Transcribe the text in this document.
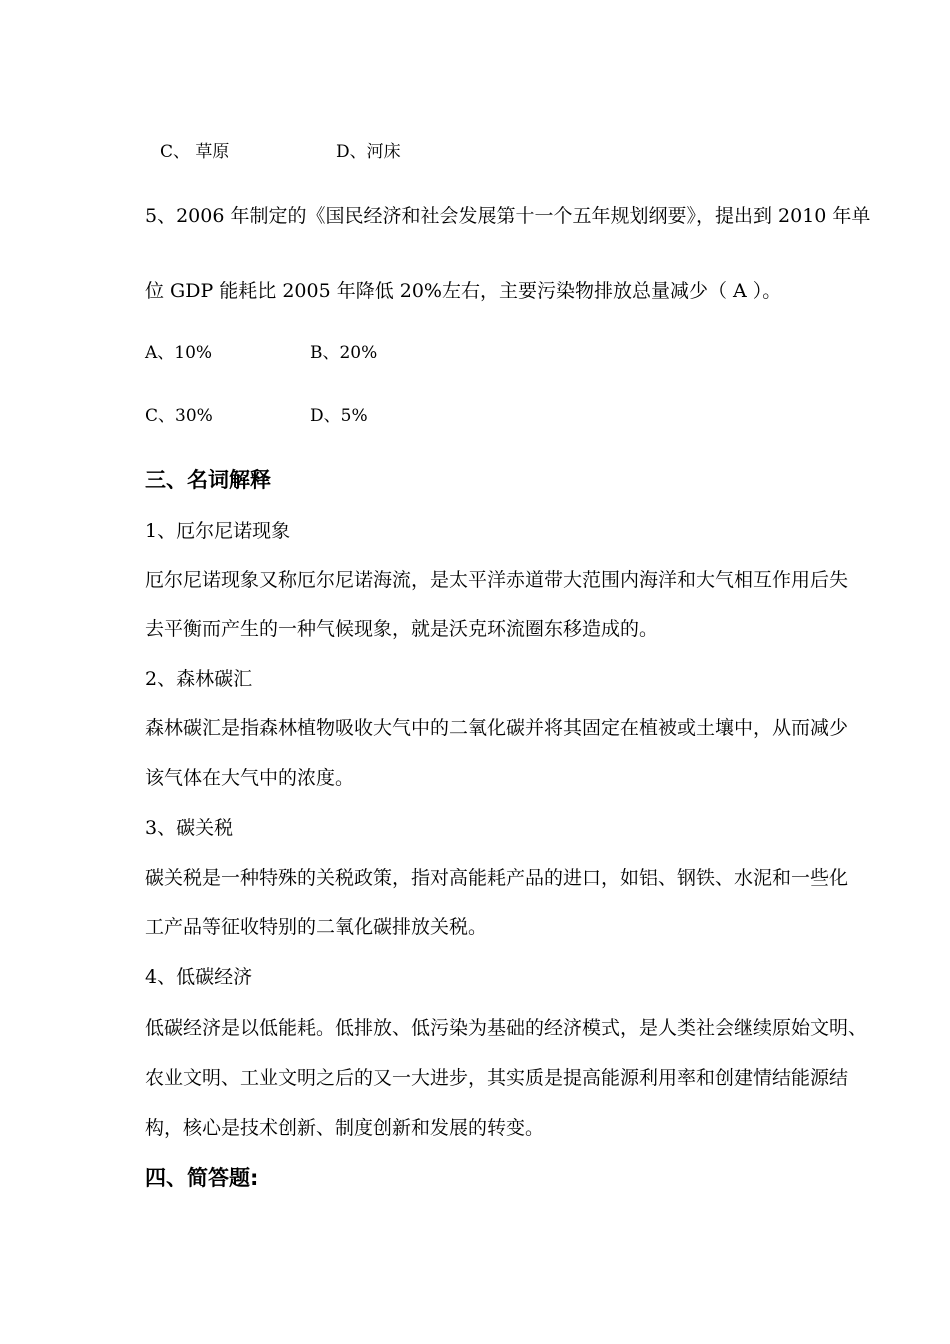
C、 草原	D、河床
5、2006 年制定的《国民经济和社会发展第十一个五年规划纲要》，提出到 2010 年单
位 GDP 能耗比 2005 年降低 20%左右，主要污染物排放总量减少（ A ）。
A、10%	B、20%
C、30%	D、5%
三、名词解释
1、厄尔尼诺现象
厄尔尼诺现象又称厄尔尼诺海流，是太平洋赤道带大范围内海洋和大气相互作用后失
去平衡而产生的一种气候现象，就是沃克环流圈东移造成的。
2、森林碳汇
森林碳汇是指森林植物吸收大气中的二氧化碳并将其固定在植被或土壤中，从而减少
该气体在大气中的浓度。
3、碳关税
碳关税是一种特殊的关税政策，指对高能耗产品的进口，如铝、钢铁、水泥和一些化
工产品等征收特别的二氧化碳排放关税。
4、低碳经济
低碳经济是以低能耗。低排放、低污染为基础的经济模式，是人类社会继续原始文明、
农业文明、工业文明之后的又一大进步，其实质是提高能源利用率和创建情结能源结
构，核心是技术创新、制度创新和发展的转变。
四、简答题:
